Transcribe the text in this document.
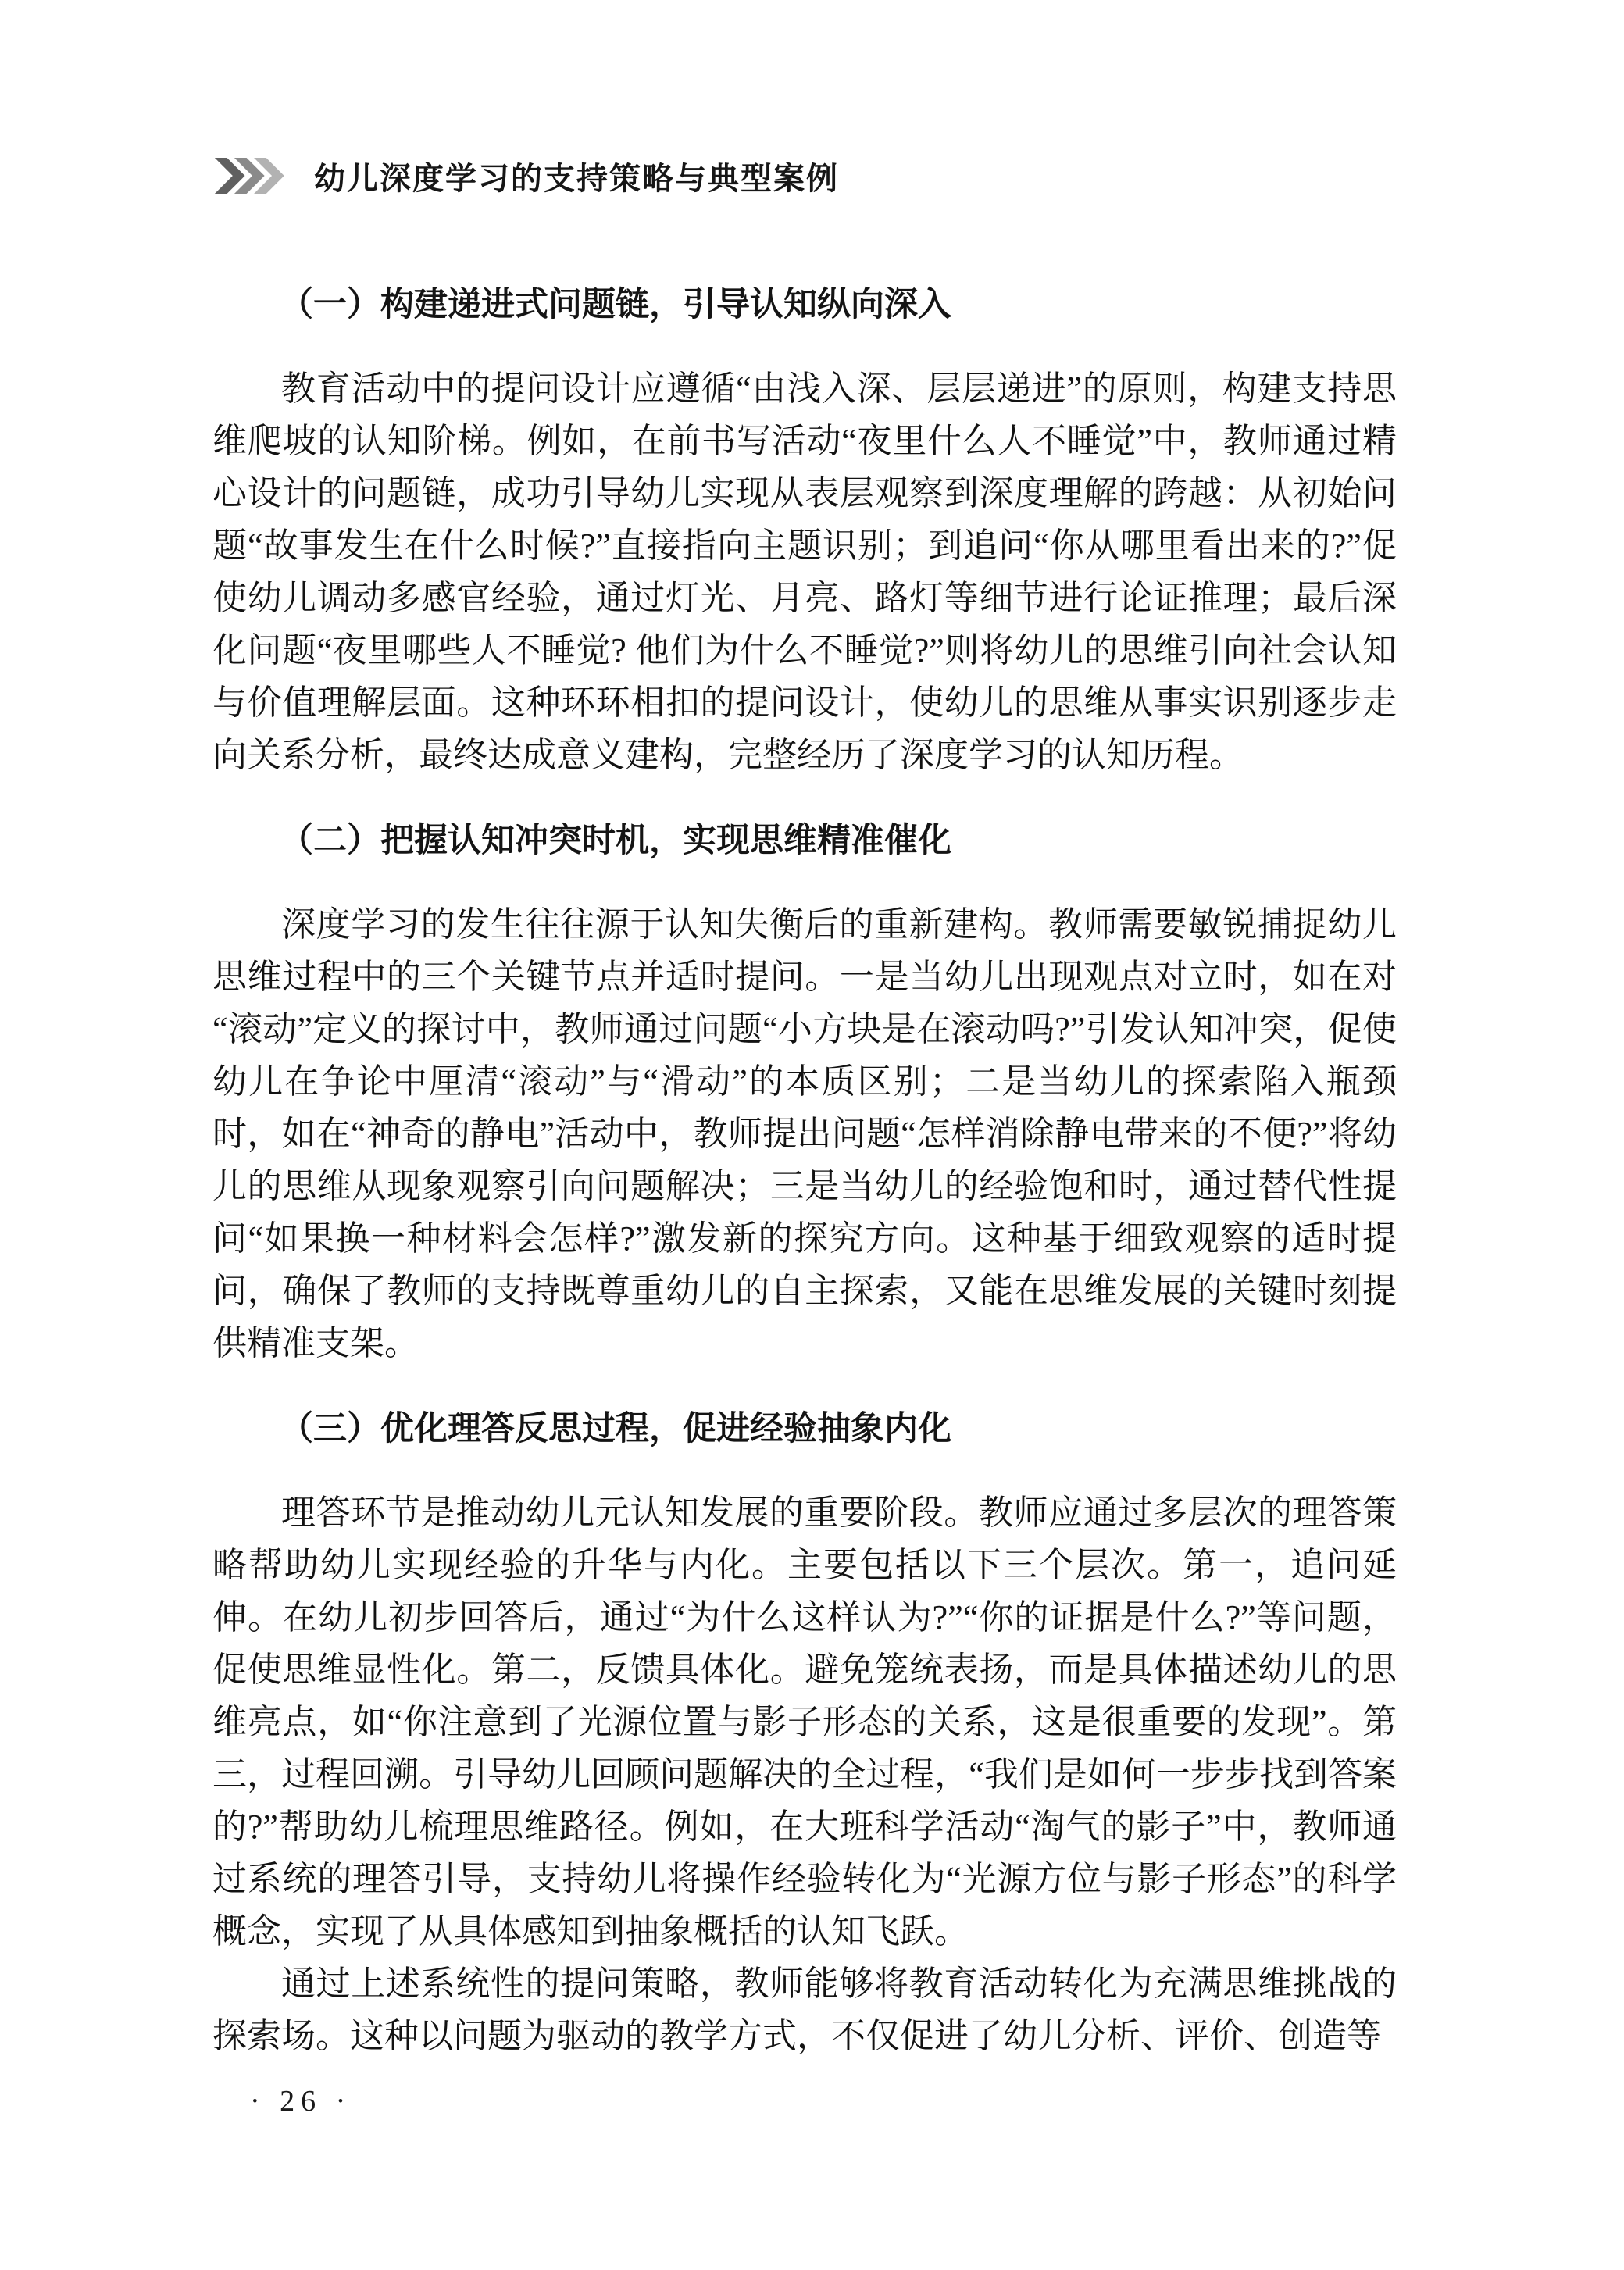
幼儿深度学习的支持策略与典型案例
（一）构建递进式问题链，引导认知纵向深入

教育活动中的提问设计应遵循“由浅入深、层层递进”的原则，构建支持思维爬坡的认知阶梯。例如，在前书写活动“夜里什么人不睡觉”中，教师通过精心设计的问题链，成功引导幼儿实现从表层观察到深度理解的跨越：从初始问题“故事发生在什么时候?”直接指向主题识别；到追问“你从哪里看出来的?”促使幼儿调动多感官经验，通过灯光、月亮、路灯等细节进行论证推理；最后深化问题“夜里哪些人不睡觉? 他们为什么不睡觉?”则将幼儿的思维引向社会认知与价值理解层面。这种环环相扣的提问设计，使幼儿的思维从事实识别逐步走向关系分析，最终达成意义建构，完整经历了深度学习的认知历程。

（二）把握认知冲突时机，实现思维精准催化

深度学习的发生往往源于认知失衡后的重新建构。教师需要敏锐捕捉幼儿思维过程中的三个关键节点并适时提问。一是当幼儿出现观点对立时，如在对“滚动”定义的探讨中，教师通过问题“小方块是在滚动吗?”引发认知冲突，促使幼儿在争论中厘清“滚动”与“滑动”的本质区别；二是当幼儿的探索陷入瓶颈时，如在“神奇的静电”活动中，教师提出问题“怎样消除静电带来的不便?”将幼儿的思维从现象观察引向问题解决；三是当幼儿的经验饱和时，通过替代性提问“如果换一种材料会怎样?”激发新的探究方向。这种基于细致观察的适时提问，确保了教师的支持既尊重幼儿的自主探索，又能在思维发展的关键时刻提供精准支架。

（三）优化理答反思过程，促进经验抽象内化

理答环节是推动幼儿元认知发展的重要阶段。教师应通过多层次的理答策略帮助幼儿实现经验的升华与内化。主要包括以下三个层次。第一，追问延伸。在幼儿初步回答后，通过“为什么这样认为?”“你的证据是什么?”等问题，促使思维显性化。第二，反馈具体化。避免笼统表扬，而是具体描述幼儿的思维亮点，如“你注意到了光源位置与影子形态的关系，这是很重要的发现”。第三，过程回溯。引导幼儿回顾问题解决的全过程，“我们是如何一步步找到答案的?”帮助幼儿梳理思维路径。例如，在大班科学活动“淘气的影子”中，教师通过系统的理答引导，支持幼儿将操作经验转化为“光源方位与影子形态”的科学概念，实现了从具体感知到抽象概括的认知飞跃。

通过上述系统性的提问策略，教师能够将教育活动转化为充满思维挑战的探索场。这种以问题为驱动的教学方式，不仅促进了幼儿分析、评价、创造等

· 26 ·
